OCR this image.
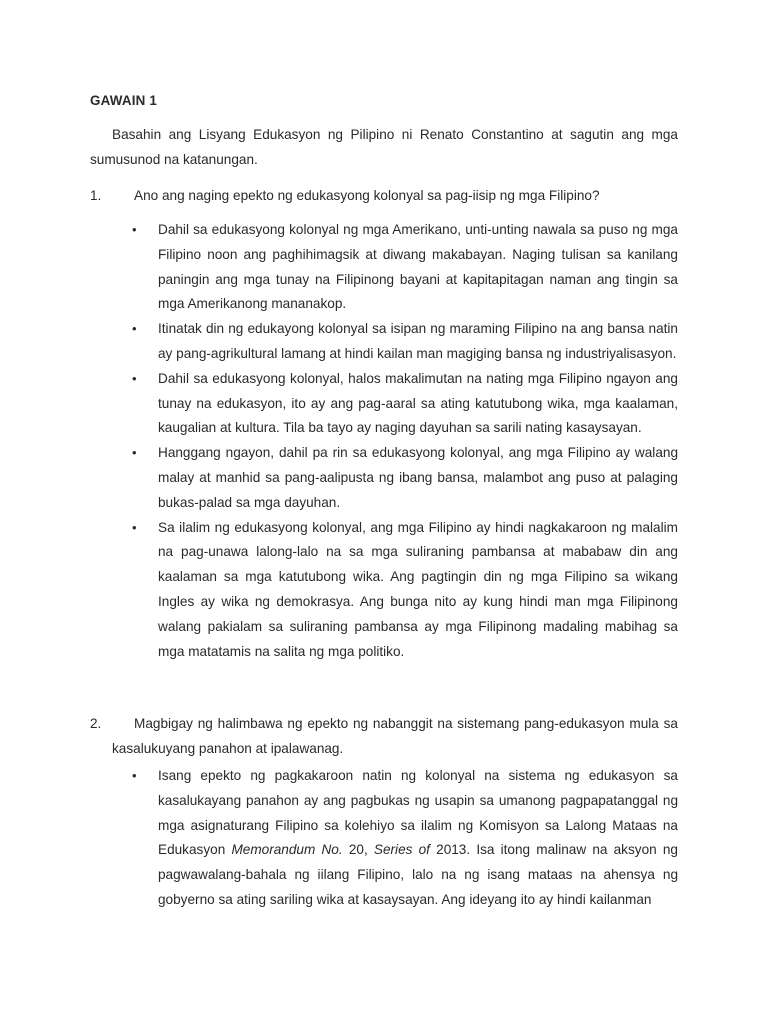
GAWAIN 1
Basahin ang Lisyang Edukasyon ng Pilipino ni Renato Constantino at sagutin ang mga sumusunod na katanungan.
1. Ano ang naging epekto ng edukasyong kolonyal sa pag-iisip ng mga Filipino?
• Dahil sa edukasyong kolonyal ng mga Amerikano, unti-unting nawala sa puso ng mga Filipino noon ang paghihimagsik at diwang makabayan. Naging tulisan sa kanilang paningin ang mga tunay na Filipinong bayani at kapitapitagan naman ang tingin sa mga Amerikanong mananakop.
• Itinatak din ng edukayong kolonyal sa isipan ng maraming Filipino na ang bansa natin ay pang-agrikultural lamang at hindi kailan man magiging bansa ng industriyalisasyon.
• Dahil sa edukasyong kolonyal, halos makalimutan na nating mga Filipino ngayon ang tunay na edukasyon, ito ay ang pag-aaral sa ating katutubong wika, mga kaalaman, kaugalian at kultura. Tila ba tayo ay naging dayuhan sa sarili nating kasaysayan.
• Hanggang ngayon, dahil pa rin sa edukasyong kolonyal, ang mga Filipino ay walang malay at manhid sa pang-aalipusta ng ibang bansa, malambot ang puso at palaging bukas-palad sa mga dayuhan.
• Sa ilalim ng edukasyong kolonyal, ang mga Filipino ay hindi nagkakaroon ng malalim na pag-unawa lalong-lalo na sa mga suliraning pambansa at mababaw din ang kaalaman sa mga katutubong wika. Ang pagtingin din ng mga Filipino sa wikang Ingles ay wika ng demokrasya. Ang bunga nito ay kung hindi man mga Filipinong walang pakialam sa suliraning pambansa ay mga Filipinong madaling mabihag sa mga matatamis na salita ng mga politiko.
2.	Magbigay ng halimbawa ng epekto ng nabanggit na sistemang pang-edukasyon mula sa kasalukuyang panahon at ipalawanag.
• Isang epekto ng pagkakaroon natin ng kolonyal na sistema ng edukasyon sa kasalukayang panahon ay ang pagbukas ng usapin sa umanong pagpapatanggal ng mga asignaturang Filipino sa kolehiyo sa ilalim ng Komisyon sa Lalong Mataas na Edukasyon Memorandum No. 20, Series of 2013. Isa itong malinaw na aksyon ng pagwawalang-bahala ng iilang Filipino, lalo na ng isang mataas na ahensya ng gobyerno sa ating sariling wika at kasaysayan. Ang ideyang ito ay hindi kailanman
